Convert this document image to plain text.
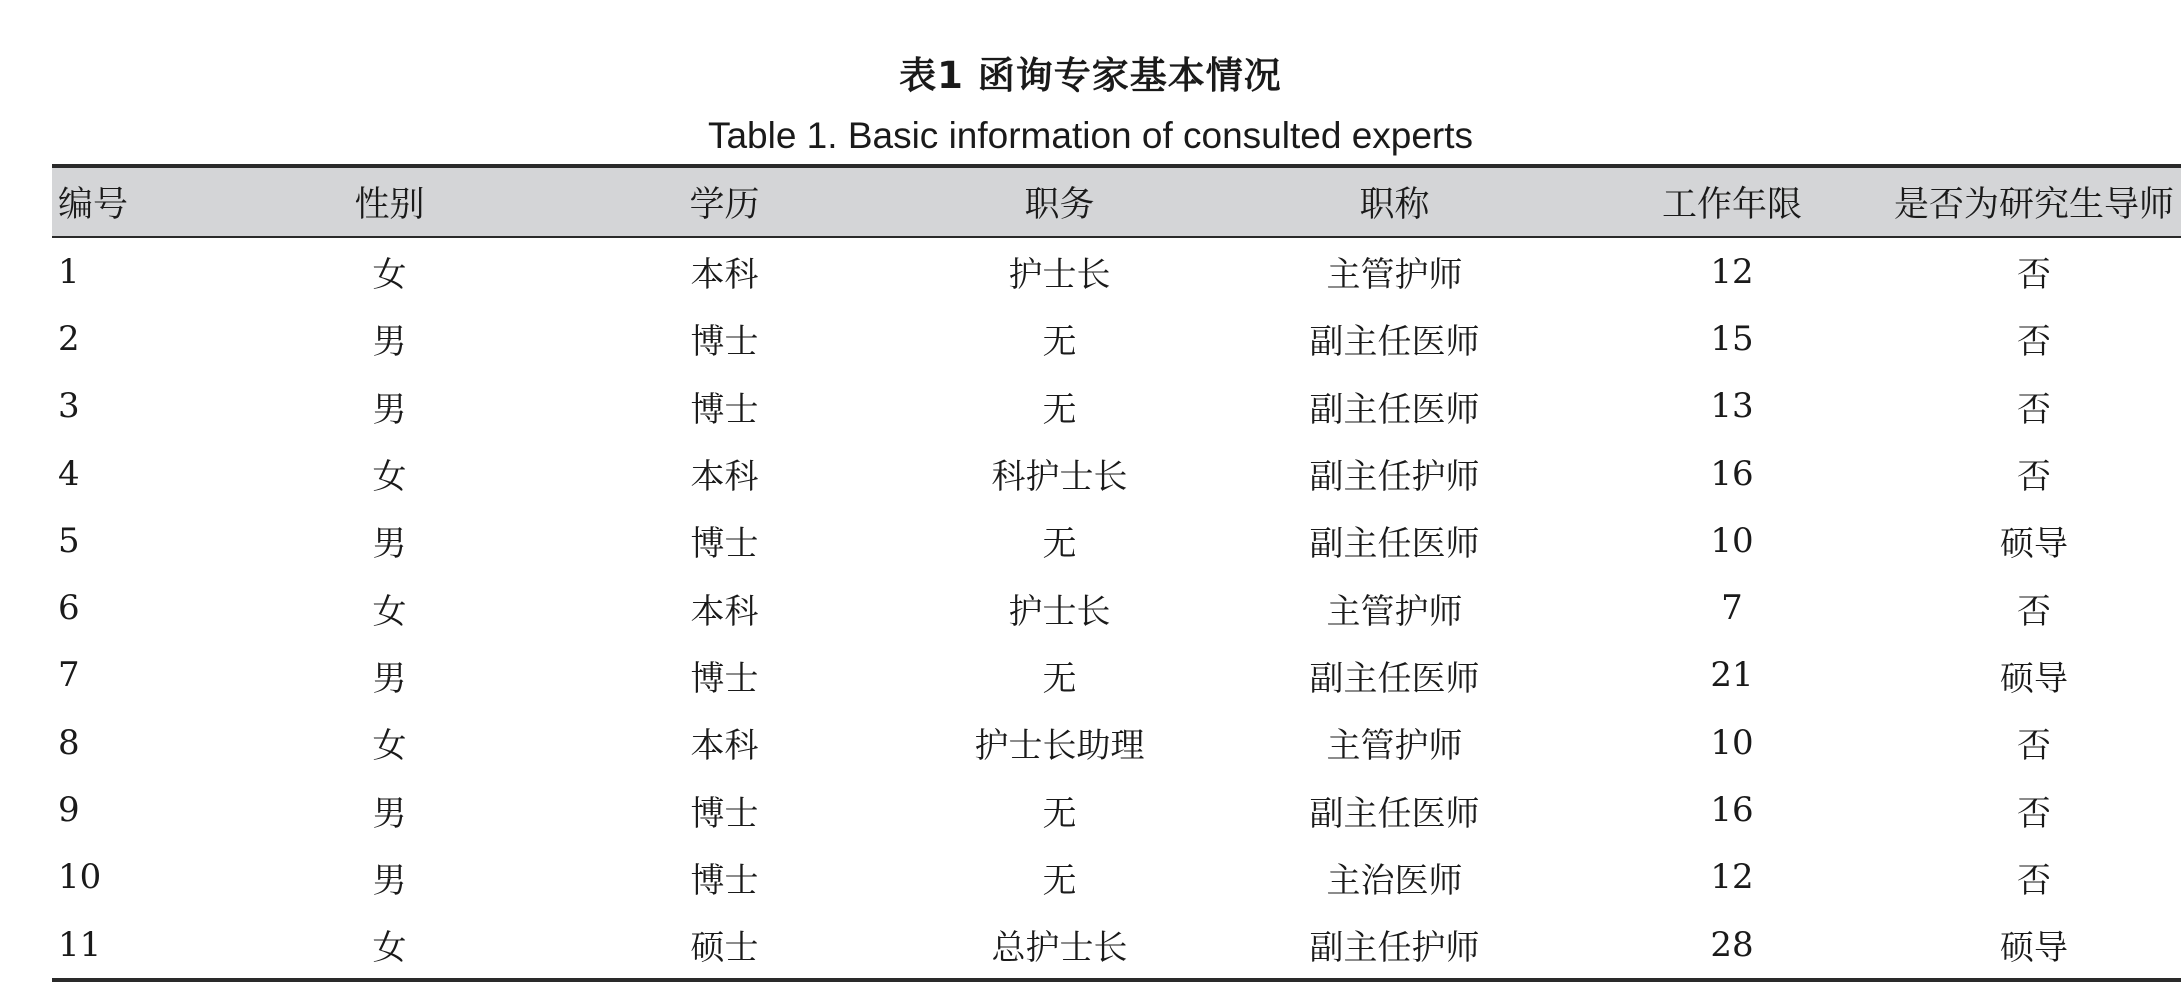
表1 函询专家基本情况
Table 1. Basic information of consulted experts
编号	性别	学历	职务	职称	工作年限	是否为研究生导师
1	女	本科	护士长	主管护师	12	否
2	男	博士	无	副主任医师	15	否
3	男	博士	无	副主任医师	13	否
4	女	本科	科护士长	副主任护师	16	否
5	男	博士	无	副主任医师	10	硕导
6	女	本科	护士长	主管护师	7	否
7	男	博士	无	副主任医师	21	硕导
8	女	本科	护士长助理	主管护师	10	否
9	男	博士	无	副主任医师	16	否
10	男	博士	无	主治医师	12	否
11	女	硕士	总护士长	副主任护师	28	硕导
